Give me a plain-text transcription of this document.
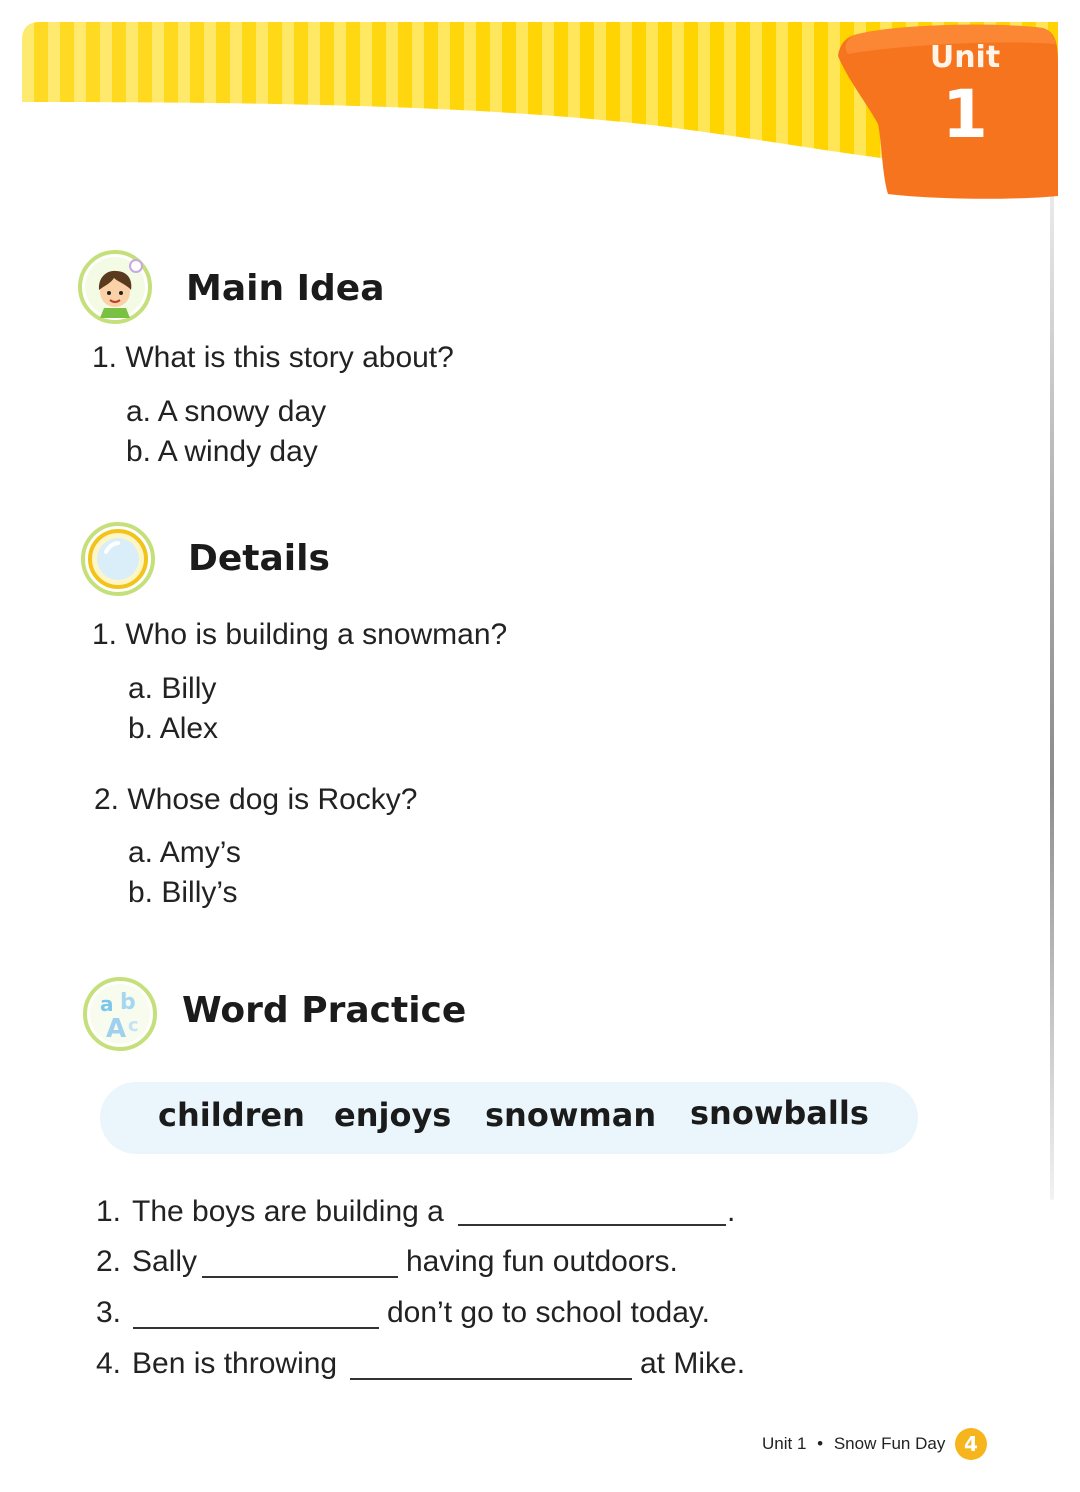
Unit
1
Main Idea
1. What is this story about?
a. A snowy day
b. A windy day
Details
1. Who is building a snowman?
a. Billy
b. Alex
2. Whose dog is Rocky?
a. Amy’s
b. Billy’s
a b
A c Word Practice
children enjoys snowman snowballs
1. The boys are building a	.
2. Sally	having fun outdoors.
3.	don’t go to school today.
4. Ben is throwing	at Mike.
Unit 1 • Snow Fun Day 4
